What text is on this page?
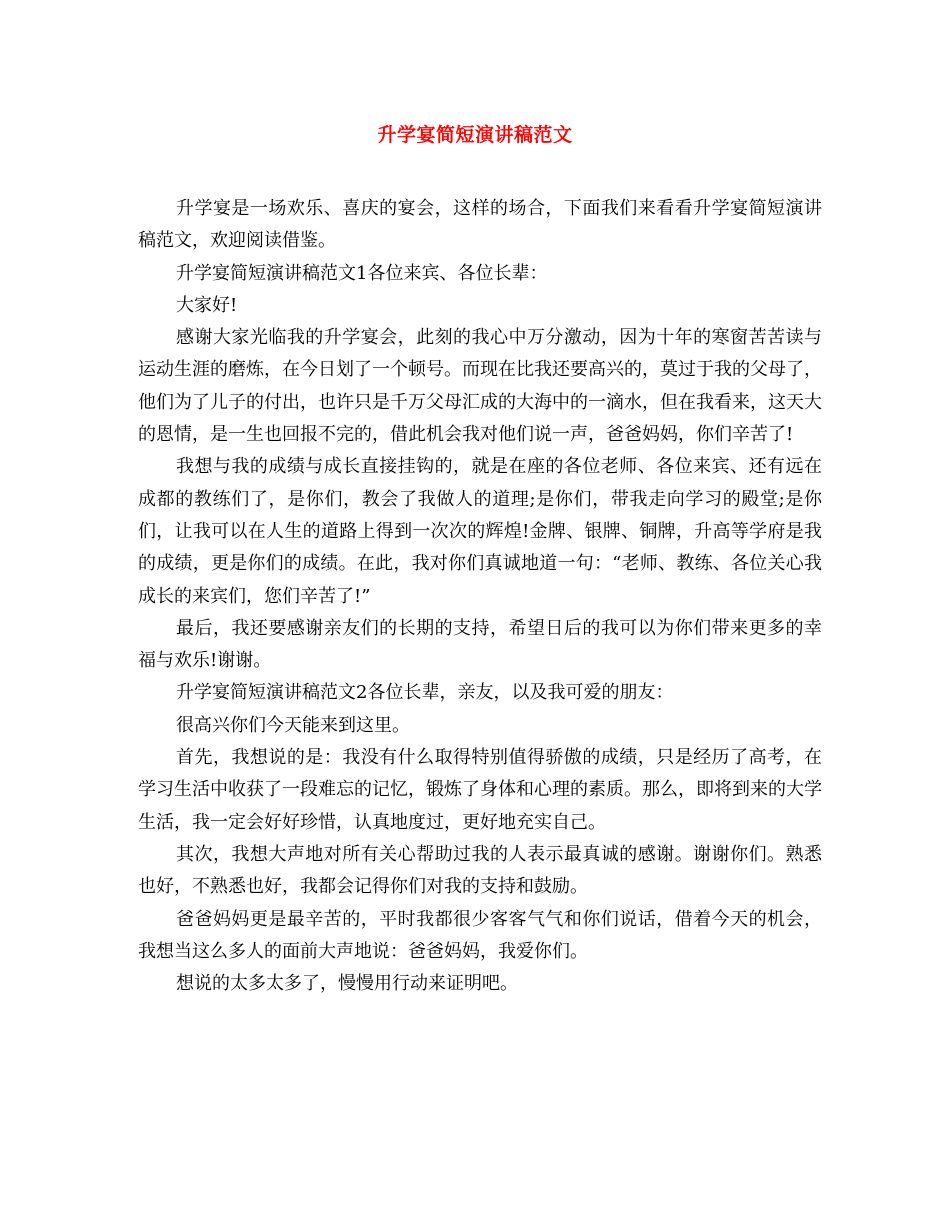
升学宴简短演讲稿范文

升学宴是一场欢乐、喜庆的宴会，这样的场合，下面我们来看看升学宴简短演讲稿范文，欢迎阅读借鉴。

升学宴简短演讲稿范文1各位来宾、各位长辈：

大家好!

感谢大家光临我的升学宴会，此刻的我心中万分激动，因为十年的寒窗苦苦读与运动生涯的磨炼，在今日划了一个顿号。而现在比我还要高兴的，莫过于我的父母了，他们为了儿子的付出，也许只是千万父母汇成的大海中的一滴水，但在我看来，这天大的恩情，是一生也回报不完的，借此机会我对他们说一声，爸爸妈妈，你们辛苦了!

我想与我的成绩与成长直接挂钩的，就是在座的各位老师、各位来宾、还有远在成都的教练们了，是你们，教会了我做人的道理;是你们，带我走向学习的殿堂;是你们，让我可以在人生的道路上得到一次次的辉煌!金牌、银牌、铜牌，升高等学府是我的成绩，更是你们的成绩。在此，我对你们真诚地道一句：“老师、教练、各位关心我成长的来宾们，您们辛苦了!”

最后，我还要感谢亲友们的长期的支持，希望日后的我可以为你们带来更多的幸福与欢乐!谢谢。

升学宴简短演讲稿范文2各位长辈，亲友，以及我可爱的朋友：

很高兴你们今天能来到这里。

首先，我想说的是：我没有什么取得特别值得骄傲的成绩，只是经历了高考，在学习生活中收获了一段难忘的记忆，锻炼了身体和心理的素质。那么，即将到来的大学生活，我一定会好好珍惜，认真地度过，更好地充实自己。

其次，我想大声地对所有关心帮助过我的人表示最真诚的感谢。谢谢你们。熟悉也好，不熟悉也好，我都会记得你们对我的支持和鼓励。

爸爸妈妈更是最辛苦的，平时我都很少客客气气和你们说话，借着今天的机会，我想当这么多人的面前大声地说：爸爸妈妈，我爱你们。

想说的太多太多了，慢慢用行动来证明吧。
